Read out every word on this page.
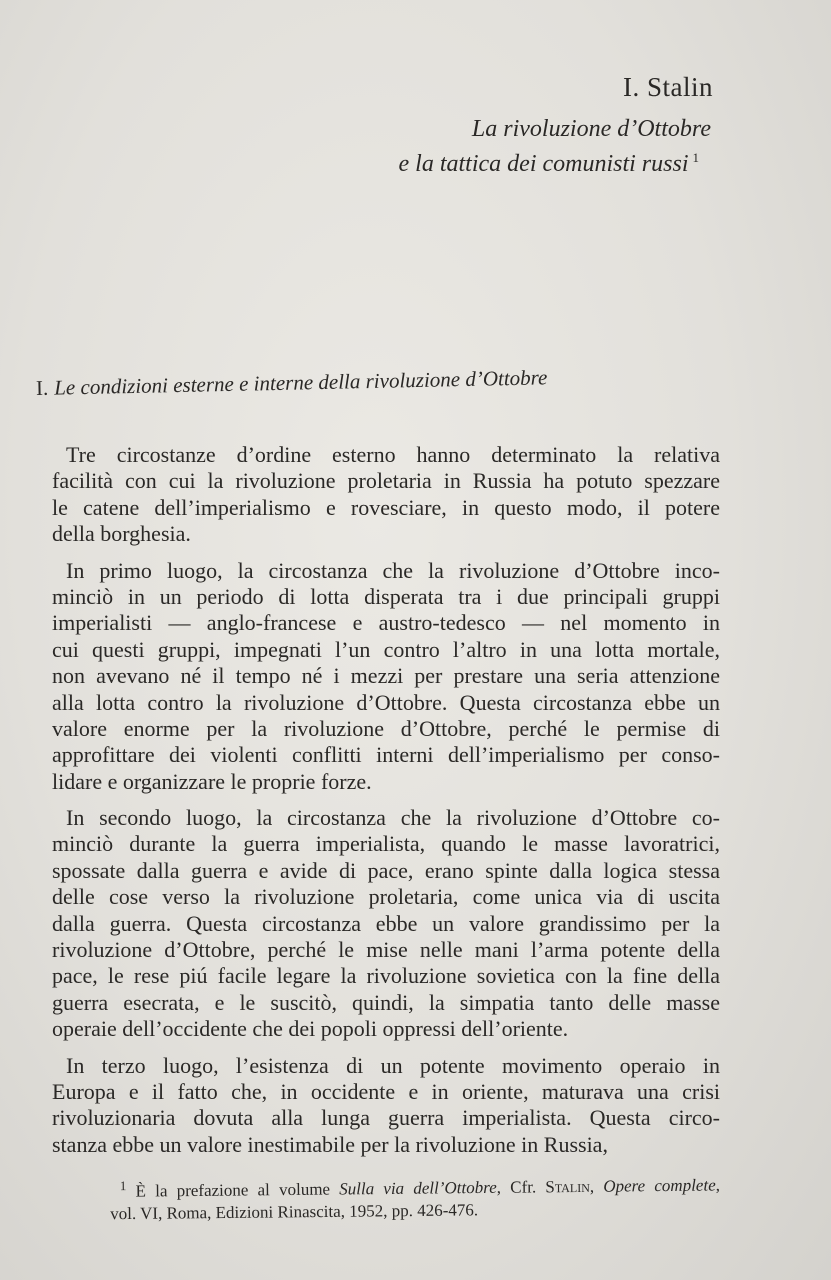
I. Stalin
La rivoluzione d’Ottobre
e la tattica dei comunisti russi $^1$
I. Le condizioni esterne e interne della rivoluzione d’Ottobre
Tre circostanze d’ordine esterno hanno determinato la relativa
facilità con cui la rivoluzione proletaria in Russia ha potuto spezzare
le catene dell’imperialismo e rovesciare, in questo modo, il potere
della borghesia.
In primo luogo, la circostanza che la rivoluzione d’Ottobre inco-
minciò in un periodo di lotta disperata tra i due principali gruppi
imperialisti — anglo-francese e austro-tedesco — nel momento in
cui questi gruppi, impegnati l’un contro l’altro in una lotta mortale,
non avevano né il tempo né i mezzi per prestare una seria attenzione
alla lotta contro la rivoluzione d’Ottobre. Questa circostanza ebbe un
valore enorme per la rivoluzione d’Ottobre, perché le permise di
approfittare dei violenti conflitti interni dell’imperialismo per conso-
lidare e organizzare le proprie forze.
In secondo luogo, la circostanza che la rivoluzione d’Ottobre co-
minciò durante la guerra imperialista, quando le masse lavoratrici,
spossate dalla guerra e avide di pace, erano spinte dalla logica stessa
delle cose verso la rivoluzione proletaria, come unica via di uscita
dalla guerra. Questa circostanza ebbe un valore grandissimo per la
rivoluzione d’Ottobre, perché le mise nelle mani l’arma potente della
pace, le rese piú facile legare la rivoluzione sovietica con la fine della
guerra esecrata, e le suscitò, quindi, la simpatia tanto delle masse
operaie dell’occidente che dei popoli oppressi dell’oriente.
In terzo luogo, l’esistenza di un potente movimento operaio in
Europa e il fatto che, in occidente e in oriente, maturava una crisi
rivoluzionaria dovuta alla lunga guerra imperialista. Questa circo-
stanza ebbe un valore inestimabile per la rivoluzione in Russia,
$^1$ È la prefazione al volume Sulla via dell’Ottobre, Cfr. Stalin, Opere complete,
vol. VI, Roma, Edizioni Rinascita, 1952, pp. 426-476.
